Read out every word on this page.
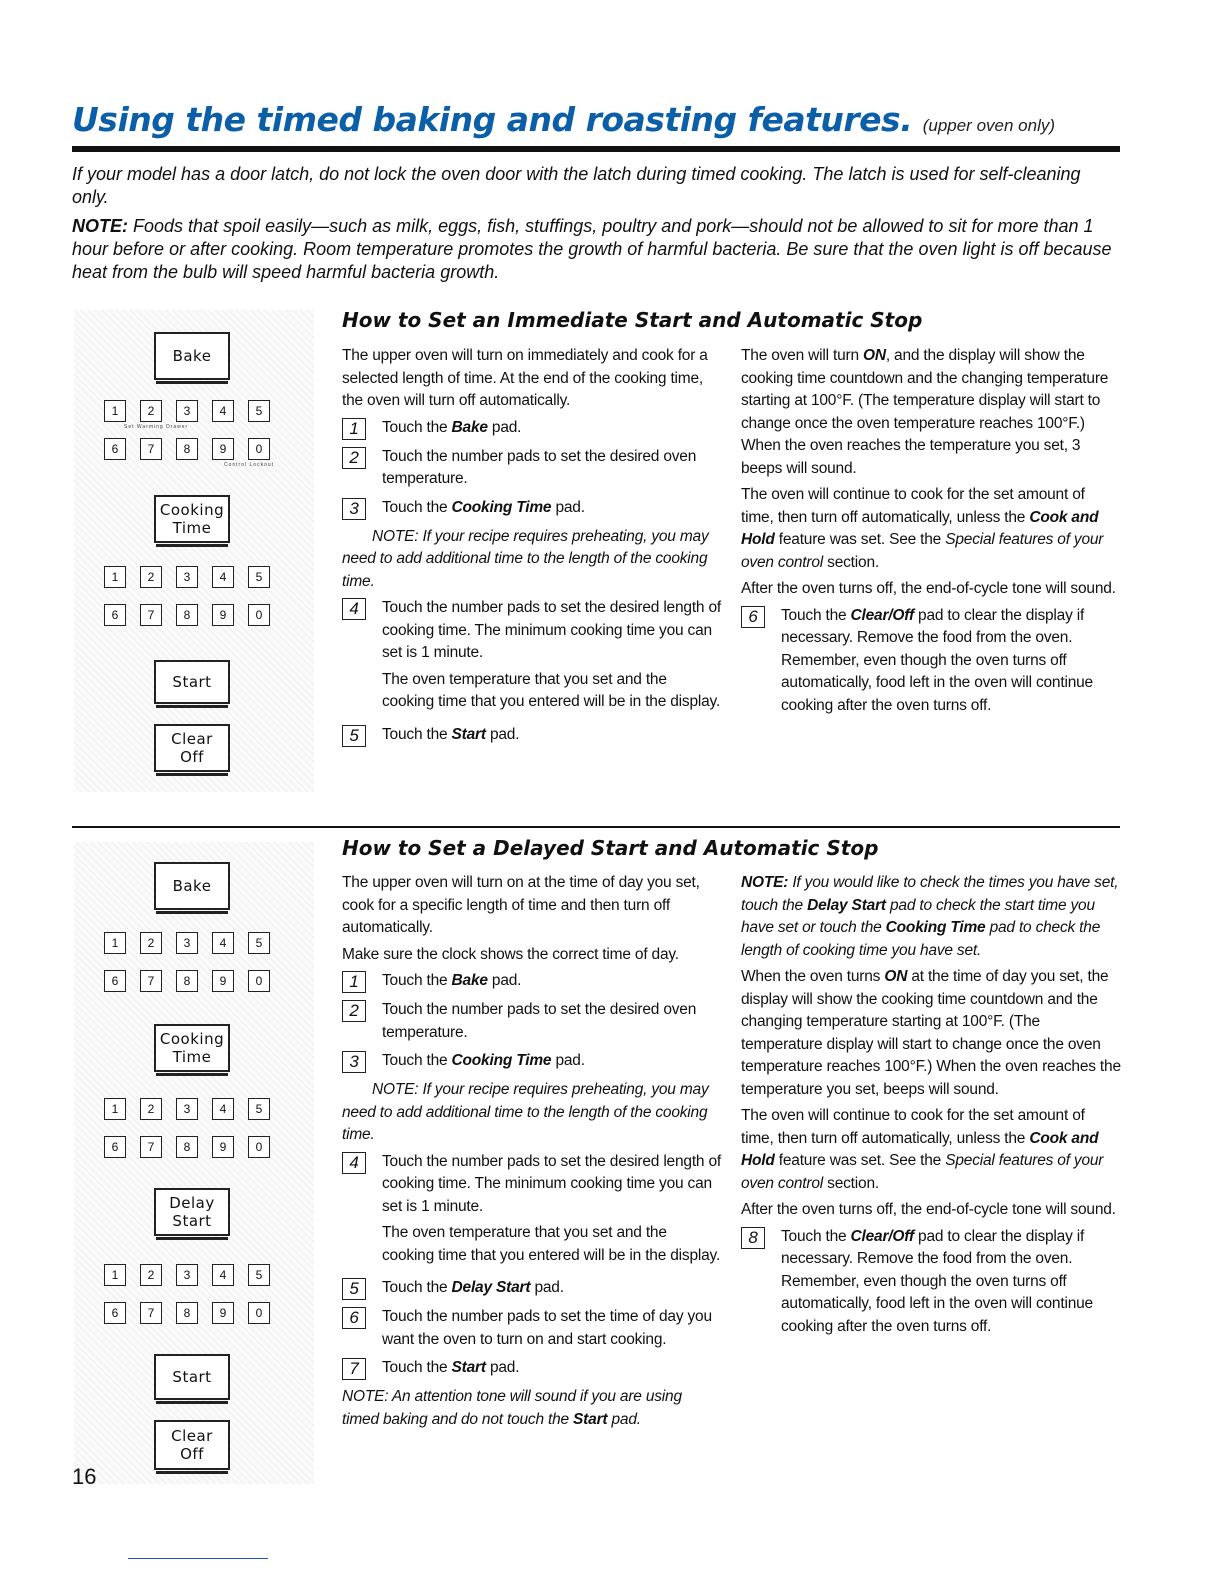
Using the timed baking and roasting features. (upper oven only)

If your model has a door latch, do not lock the oven door with the latch during timed cooking. The latch is used for self-cleaning only.

NOTE: Foods that spoil easily—such as milk, eggs, fish, stuffings, poultry and pork—should not be allowed to sit for more than 1 hour before or after cooking. Room temperature promotes the growth of harmful bacteria. Be sure that the oven light is off because heat from the bulb will speed harmful bacteria growth.

Bake
1	2	3	4	5
Set Warming Drawer
6	7	8	9	0
Control Lockout
Cooking
Time
1	2	3	4	5
6	7	8	9	0
Start
Clear
Off
How to Set an Immediate Start and Automatic Stop

The upper oven will turn on immediately and cook for a selected length of time. At the end of the cooking time, the oven will turn off automatically.

1	Touch the Bake pad.
2	Touch the number pads to set the desired oven temperature.
3	Touch the Cooking Time pad.

NOTE: If your recipe requires preheating, you may need to add additional time to the length of the cooking time.

4	Touch the number pads to set the desired length of cooking time. The minimum cooking time you can set is 1 minute.

The oven temperature that you set and the cooking time that you entered will be in the display.

5	Touch the Start pad.

The oven will turn ON, and the display will show the cooking time countdown and the changing temperature starting at 100°F. (The temperature display will start to change once the oven temperature reaches 100°F.) When the oven reaches the temperature you set, 3 beeps will sound.

The oven will continue to cook for the set amount of time, then turn off automatically, unless the Cook and Hold feature was set. See the Special features of your oven control section.

After the oven turns off, the end-of-cycle tone will sound.

6	Touch the Clear/Off pad to clear the display if necessary. Remove the food from the oven. Remember, even though the oven turns off automatically, food left in the oven will continue cooking after the oven turns off.
Bake
1	2	3	4	5
6	7	8	9	0
Cooking
Time
1	2	3	4	5
6	7	8	9	0
Delay
Start
1	2	3	4	5
6	7	8	9	0
Start
Clear
Off
How to Set a Delayed Start and Automatic Stop

The upper oven will turn on at the time of day you set, cook for a specific length of time and then turn off automatically.

Make sure the clock shows the correct time of day.

1	Touch the Bake pad.
2	Touch the number pads to set the desired oven temperature.
3	Touch the Cooking Time pad.

NOTE: If your recipe requires preheating, you may need to add additional time to the length of the cooking time.

4	Touch the number pads to set the desired length of cooking time. The minimum cooking time you can set is 1 minute.

The oven temperature that you set and the cooking time that you entered will be in the display.

5	Touch the Delay Start pad.
6	Touch the number pads to set the time of day you want the oven to turn on and start cooking.
7	Touch the Start pad.

NOTE: An attention tone will sound if you are using timed baking and do not touch the Start pad.

NOTE: If you would like to check the times you have set, touch the Delay Start pad to check the start time you have set or touch the Cooking Time pad to check the length of cooking time you have set.

When the oven turns ON at the time of day you set, the display will show the cooking time countdown and the changing temperature starting at 100°F. (The temperature display will start to change once the oven temperature reaches 100°F.) When the oven reaches the temperature you set, beeps will sound.

The oven will continue to cook for the set amount of time, then turn off automatically, unless the Cook and Hold feature was set. See the Special features of your oven control section.

After the oven turns off, the end-of-cycle tone will sound.

8	Touch the Clear/Off pad to clear the display if necessary. Remove the food from the oven. Remember, even though the oven turns off automatically, food left in the oven will continue cooking after the oven turns off.
16
